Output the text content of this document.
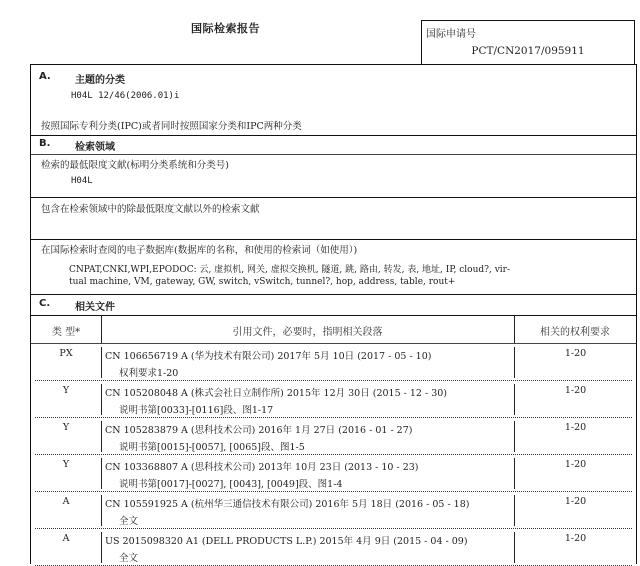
国际检索报告	国际申请号
PCT/CN2017/095911
A. 主题的分类
H04L 12/46(2006.01)i
按照国际专利分类(IPC)或者同时按照国家分类和IPC两种分类
B. 检索领域
检索的最低限度文献(标明分类系统和分类号)
H04L
包含在检索领域中的除最低限度文献以外的检索文献
在国际检索时查阅的电子数据库(数据库的名称，和使用的检索词（如使用）)
CNPAT,CNKI,WPI,EPODOC: 云, 虚拟机, 网关, 虚拟交换机, 隧道, 跳, 路由, 转发, 表, 地址, IP, cloud?, vir-
tual machine, VM, gateway, GW, switch, vSwitch, tunnel?, hop, address, table, rout+
C. 相关文件
类 型*	引用文件，必要时，指明相关段落	相关的权利要求
PX	CN 106656719 A (华为技术有限公司) 2017年 5月 10日 (2017 - 05 - 10)
权利要求1-20
1-20
Y	CN 105208048 A (株式会社日立制作所) 2015年 12月 30日 (2015 - 12 - 30)
说明书第[0033]-[0116]段、图1-17
1-20
Y	CN 105283879 A (思科技术公司) 2016年 1月 27日 (2016 - 01 - 27)
说明书第[0015]-[0057], [0065]段、图1-5
1-20
Y	CN 103368807 A (思科技术公司) 2013年 10月 23日 (2013 - 10 - 23)
说明书第[0017]-[0027], [0043], [0049]段、图1-4
1-20
A	CN 105591925 A (杭州华三通信技术有限公司) 2016年 5月 18日 (2016 - 05 - 18)
全文
1-20
A	US 2015098320 A1 (DELL PRODUCTS L.P.) 2015年 4月 9日 (2015 - 04 - 09)
全文
1-20
